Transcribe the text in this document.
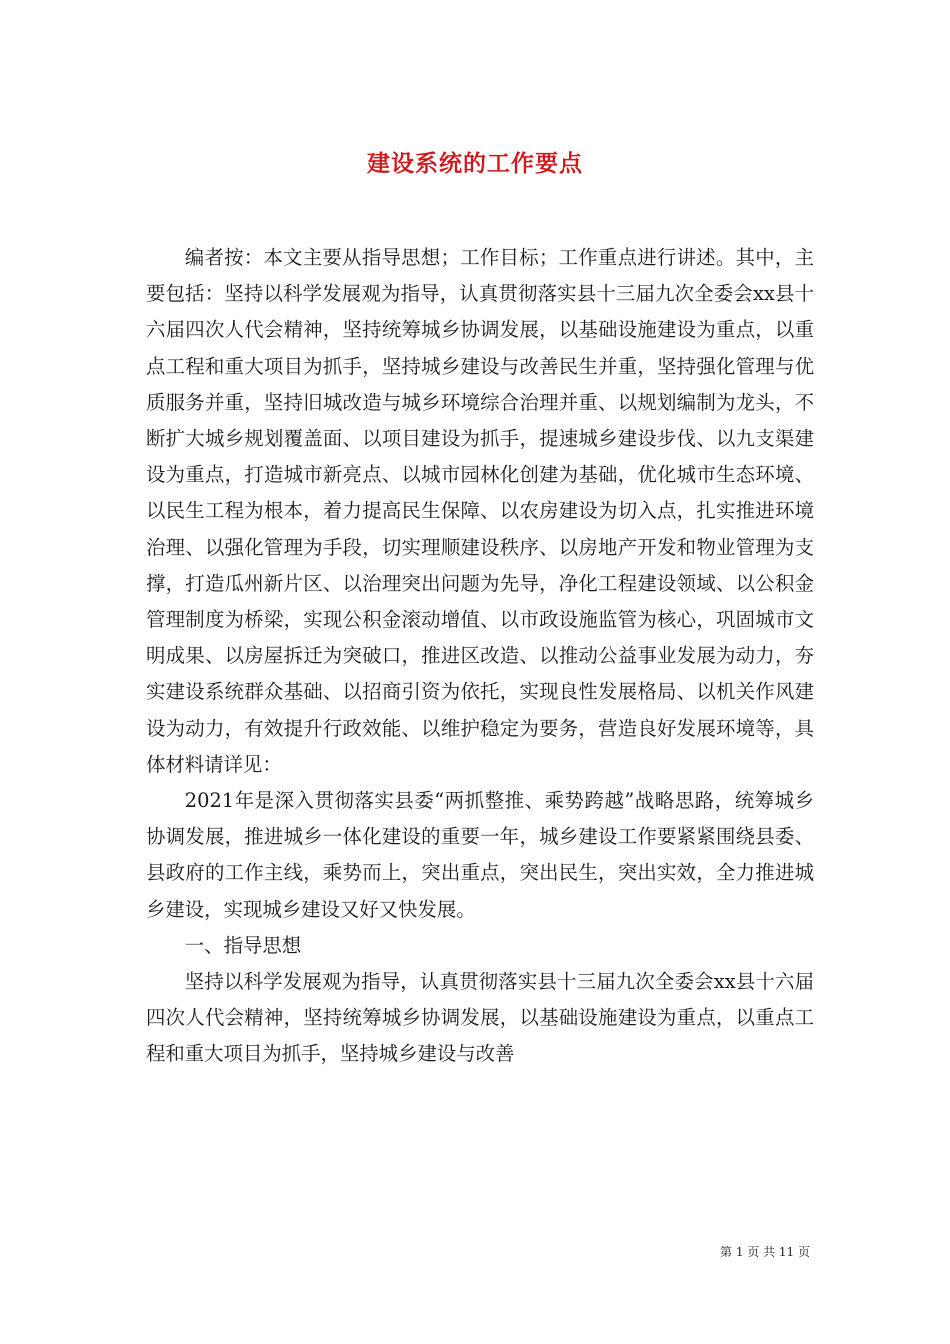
建设系统的工作要点

编者按：本文主要从指导思想；工作目标；工作重点进行讲述。其中，主要包括：坚持以科学发展观为指导，认真贯彻落实县十三届九次全委会xx县十六届四次人代会精神，坚持统筹城乡协调发展，以基础设施建设为重点，以重点工程和重大项目为抓手，坚持城乡建设与改善民生并重，坚持强化管理与优质服务并重，坚持旧城改造与城乡环境综合治理并重、以规划编制为龙头，不断扩大城乡规划覆盖面、以项目建设为抓手，提速城乡建设步伐、以九支渠建设为重点，打造城市新亮点、以城市园林化创建为基础，优化城市生态环境、以民生工程为根本，着力提高民生保障、以农房建设为切入点，扎实推进环境治理、以强化管理为手段，切实理顺建设秩序、以房地产开发和物业管理为支撑，打造瓜州新片区、以治理突出问题为先导，净化工程建设领域、以公积金管理制度为桥梁，实现公积金滚动增值、以市政设施监管为核心，巩固城市文明成果、以房屋拆迁为突破口，推进区改造、以推动公益事业发展为动力，夯实建设系统群众基础、以招商引资为依托，实现良性发展格局、以机关作风建设为动力，有效提升行政效能、以维护稳定为要务，营造良好发展环境等，具体材料请详见：

2021年是深入贯彻落实县委“两抓整推、乘势跨越”战略思路，统筹城乡协调发展，推进城乡一体化建设的重要一年，城乡建设工作要紧紧围绕县委、县政府的工作主线，乘势而上，突出重点，突出民生，突出实效，全力推进城乡建设，实现城乡建设又好又快发展。

一、指导思想

坚持以科学发展观为指导，认真贯彻落实县十三届九次全委会xx县十六届四次人代会精神，坚持统筹城乡协调发展，以基础设施建设为重点，以重点工程和重大项目为抓手，坚持城乡建设与改善

第 1 页 共 11 页
